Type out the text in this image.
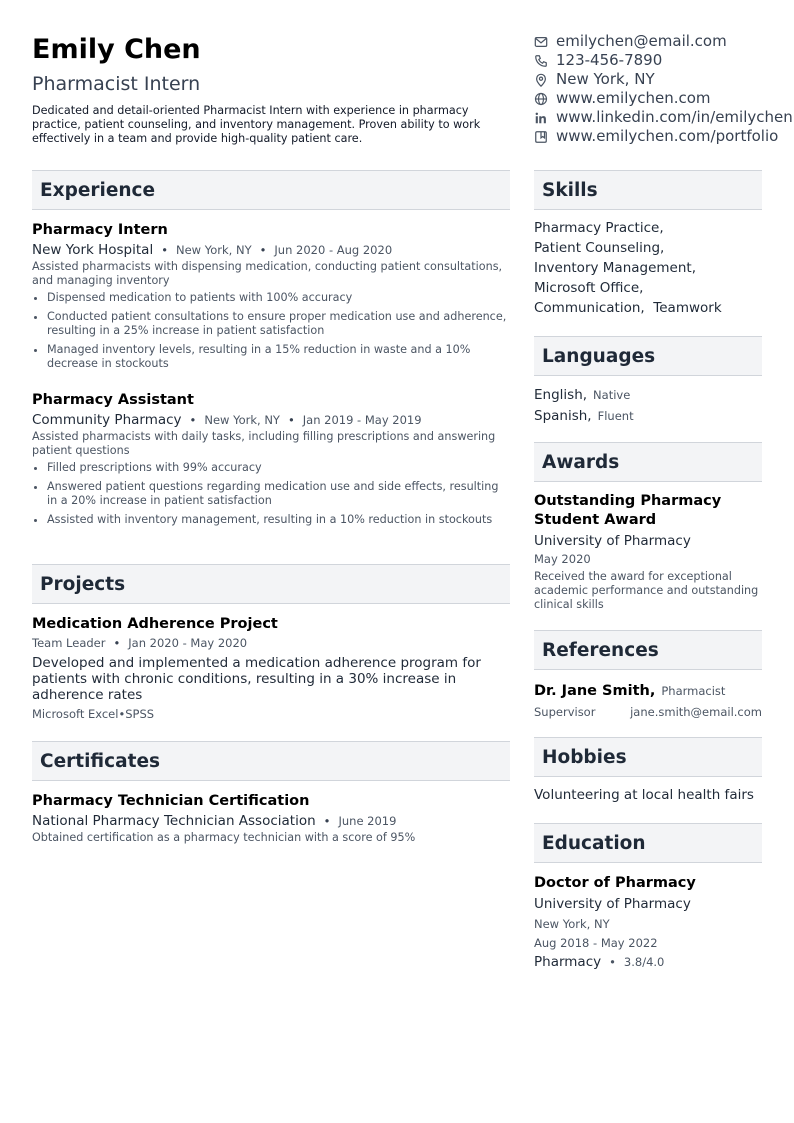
Emily Chen
Pharmacist Intern
Dedicated and detail-oriented Pharmacist Intern with experience in pharmacy practice, patient counseling, and inventory management. Proven ability to work effectively in a team and provide high-quality patient care.
emilychen@email.com
123-456-7890
New York, NY
www.emilychen.com
www.linkedin.com/in/emilychen
www.emilychen.com/portfolio
Experience
Pharmacy Intern
New York Hospital • New York, NY • Jun 2020 - Aug 2020
Assisted pharmacists with dispensing medication, conducting patient consultations, and managing inventory
• Dispensed medication to patients with 100% accuracy
• Conducted patient consultations to ensure proper medication use and adherence, resulting in a 25% increase in patient satisfaction
• Managed inventory levels, resulting in a 15% reduction in waste and a 10% decrease in stockouts
Pharmacy Assistant
Community Pharmacy • New York, NY • Jan 2019 - May 2019
Assisted pharmacists with daily tasks, including filling prescriptions and answering patient questions
• Filled prescriptions with 99% accuracy
• Answered patient questions regarding medication use and side effects, resulting in a 20% increase in patient satisfaction
• Assisted with inventory management, resulting in a 10% reduction in stockouts
Projects
Medication Adherence Project
Team Leader • Jan 2020 - May 2020
Developed and implemented a medication adherence program for patients with chronic conditions, resulting in a 30% increase in adherence rates
Microsoft Excel•SPSS
Certificates
Pharmacy Technician Certification
National Pharmacy Technician Association • June 2019
Obtained certification as a pharmacy technician with a score of 95%
Skills
Pharmacy Practice,
Patient Counseling,
Inventory Management,
Microsoft Office,
Communication, Teamwork
Languages
English, Native
Spanish, Fluent
Awards
Outstanding Pharmacy Student Award
University of Pharmacy
May 2020
Received the award for exceptional academic performance and outstanding clinical skills
References
Dr. Jane Smith, Pharmacist
Supervisor	jane.smith@email.com
Hobbies
Volunteering at local health fairs
Education
Doctor of Pharmacy
University of Pharmacy
New York, NY
Aug 2018 - May 2022
Pharmacy • 3.8/4.0
